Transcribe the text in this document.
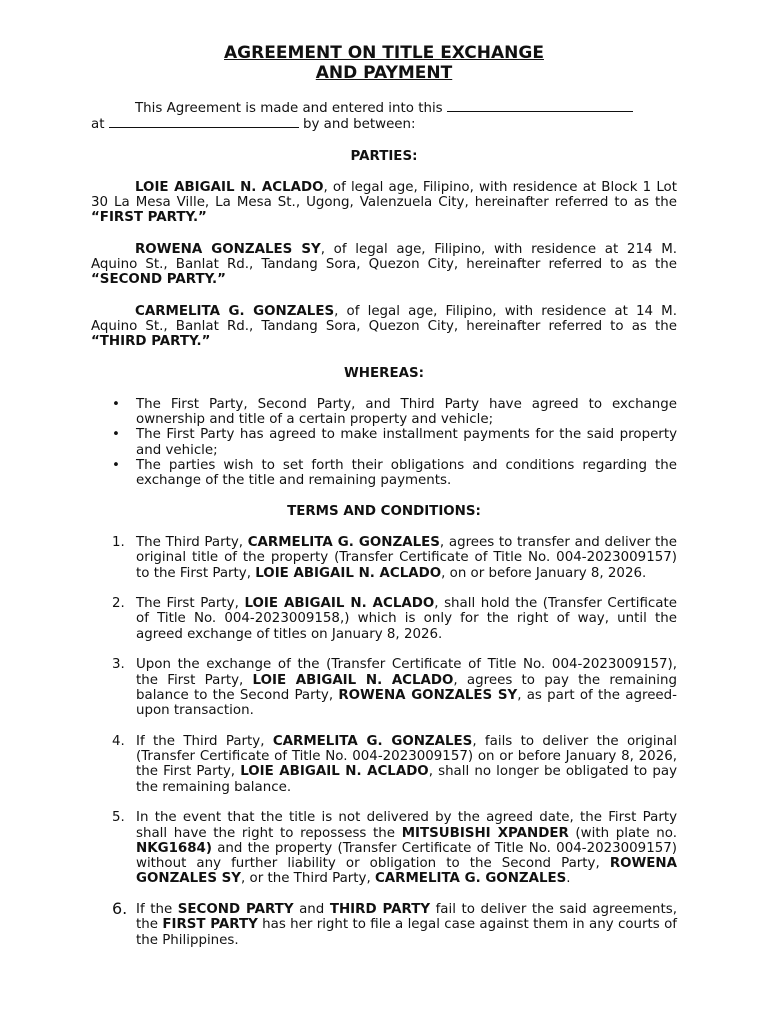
AGREEMENT ON TITLE EXCHANGE
AND PAYMENT

This Agreement is made and entered into this
at	by and between:
PARTIES:
LOIE ABIGAIL N. ACLADO, of legal age, Filipino, with residence at Block 1 Lot 30 La Mesa Ville, La Mesa St., Ugong, Valenzuela City, hereinafter referred to as the “FIRST PARTY.”
ROWENA GONZALES SY, of legal age, Filipino, with residence at 214 M. Aquino St., Banlat Rd., Tandang Sora, Quezon City, hereinafter referred to as the “SECOND PARTY.”
CARMELITA G. GONZALES, of legal age, Filipino, with residence at 14 M. Aquino St., Banlat Rd., Tandang Sora, Quezon City, hereinafter referred to as the “THIRD PARTY.”
WHEREAS:
• The First Party, Second Party, and Third Party have agreed to exchange ownership and title of a certain property and vehicle;
• The First Party has agreed to make installment payments for the said property and vehicle;
• The parties wish to set forth their obligations and conditions regarding the exchange of the title and remaining payments.
TERMS AND CONDITIONS:
1. The Third Party, CARMELITA G. GONZALES, agrees to transfer and deliver the original title of the property (Transfer Certificate of Title No. 004-2023009157) to the First Party, LOIE ABIGAIL N. ACLADO, on or before January 8, 2026.
2. The First Party, LOIE ABIGAIL N. ACLADO, shall hold the (Transfer Certificate of Title No. 004-2023009158,) which is only for the right of way, until the agreed exchange of titles on January 8, 2026.
3. Upon the exchange of the (Transfer Certificate of Title No. 004-2023009157), the First Party, LOIE ABIGAIL N. ACLADO, agrees to pay the remaining balance to the Second Party, ROWENA GONZALES SY, as part of the agreed-upon transaction.
4. If the Third Party, CARMELITA G. GONZALES, fails to deliver the original (Transfer Certificate of Title No. 004-2023009157) on or before January 8, 2026, the First Party, LOIE ABIGAIL N. ACLADO, shall no longer be obligated to pay the remaining balance.
5. In the event that the title is not delivered by the agreed date, the First Party shall have the right to repossess the MITSUBISHI XPANDER (with plate no. NKG1684) and the property (Transfer Certificate of Title No. 004-2023009157) without any further liability or obligation to the Second Party, ROWENA GONZALES SY, or the Third Party, CARMELITA G. GONZALES.
6. If the SECOND PARTY and THIRD PARTY fail to deliver the said agreements, the FIRST PARTY has her right to file a legal case against them in any courts of the Philippines.
